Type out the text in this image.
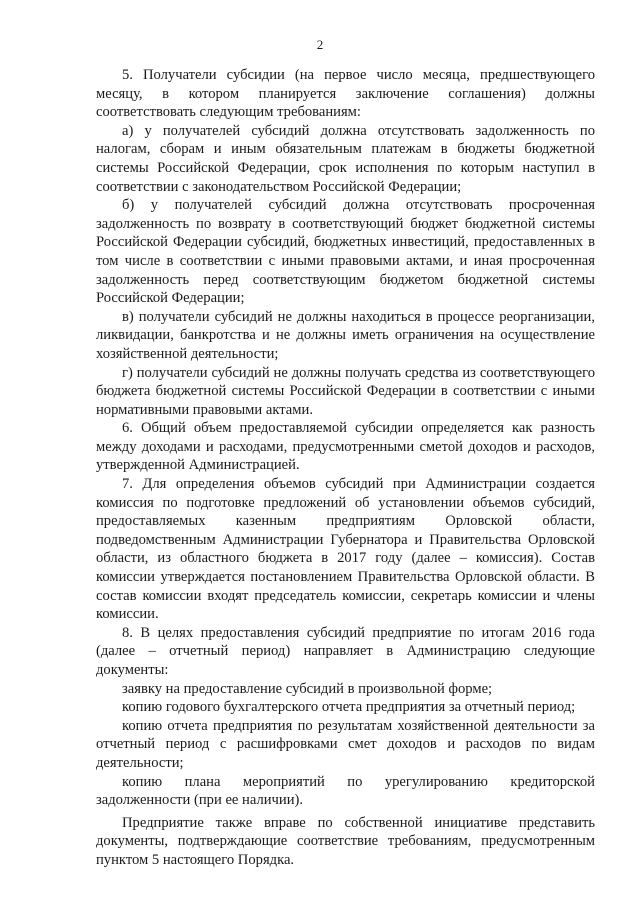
2

5. Получатели субсидии (на первое число месяца, предшествующего месяцу, в котором планируется заключение соглашения) должны соответствовать следующим требованиям:

а) у получателей субсидий должна отсутствовать задолженность по налогам, сборам и иным обязательным платежам в бюджеты бюджетной системы Российской Федерации, срок исполнения по которым наступил в соответствии с законодательством Российской Федерации;

б) у получателей субсидий должна отсутствовать просроченная задолженность по возврату в соответствующий бюджет бюджетной системы Российской Федерации субсидий, бюджетных инвестиций, предоставленных в том числе в соответствии с иными правовыми актами, и иная просроченная задолженность перед соответствующим бюджетом бюджетной системы Российской Федерации;

в) получатели субсидий не должны находиться в процессе реорганизации, ликвидации, банкротства и не должны иметь ограничения на осуществление хозяйственной деятельности;

г) получатели субсидий не должны получать средства из соответствующего бюджета бюджетной системы Российской Федерации в соответствии с иными нормативными правовыми актами.

6. Общий объем предоставляемой субсидии определяется как разность между доходами и расходами, предусмотренными сметой доходов и расходов, утвержденной Администрацией.

7. Для определения объемов субсидий при Администрации создается комиссия по подготовке предложений об установлении объемов субсидий, предоставляемых казенным предприятиям Орловской области, подведомственным Администрации Губернатора и Правительства Орловской области, из областного бюджета в 2017 году (далее – комиссия). Состав комиссии утверждается постановлением Правительства Орловской области. В состав комиссии входят председатель комиссии, секретарь комиссии и члены комиссии.

8. В целях предоставления субсидий предприятие по итогам 2016 года (далее – отчетный период) направляет в Администрацию следующие документы:

заявку на предоставление субсидий в произвольной форме;

копию годового бухгалтерского отчета предприятия за отчетный период;

копию отчета предприятия по результатам хозяйственной деятельности за отчетный период с расшифровками смет доходов и расходов по видам деятельности;

копию плана мероприятий по урегулированию кредиторской задолженности (при ее наличии).

Предприятие также вправе по собственной инициативе представить документы, подтверждающие соответствие требованиям, предусмотренным пунктом 5 настоящего Порядка.
